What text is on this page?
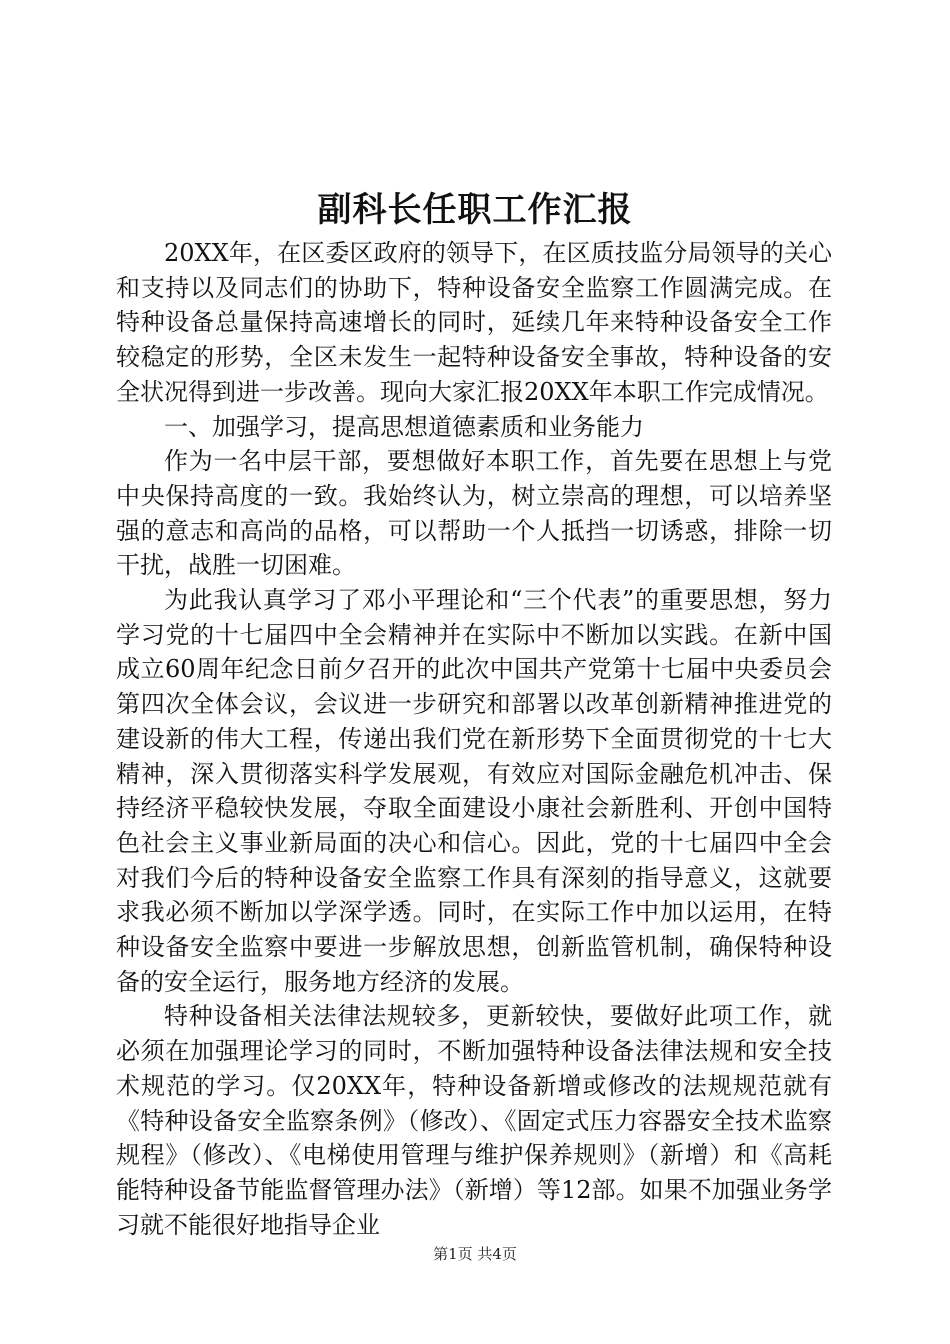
副科长任职工作汇报

20XX年，在区委区政府的领导下，在区质技监分局领导的关心和支持以及同志们的协助下，特种设备安全监察工作圆满完成。在特种设备总量保持高速增长的同时，延续几年来特种设备安全工作较稳定的形势，全区未发生一起特种设备安全事故，特种设备的安全状况得到进一步改善。现向大家汇报20XX年本职工作完成情况。

一、加强学习，提高思想道德素质和业务能力

作为一名中层干部，要想做好本职工作，首先要在思想上与党中央保持高度的一致。我始终认为，树立崇高的理想，可以培养坚强的意志和高尚的品格，可以帮助一个人抵挡一切诱惑，排除一切干扰，战胜一切困难。

为此我认真学习了邓小平理论和“三个代表”的重要思想，努力学习党的十七届四中全会精神并在实际中不断加以实践。在新中国成立60周年纪念日前夕召开的此次中国共产党第十七届中央委员会第四次全体会议，会议进一步研究和部署以改革创新精神推进党的建设新的伟大工程，传递出我们党在新形势下全面贯彻党的十七大精神，深入贯彻落实科学发展观，有效应对国际金融危机冲击、保持经济平稳较快发展，夺取全面建设小康社会新胜利、开创中国特色社会主义事业新局面的决心和信心。因此，党的十七届四中全会对我们今后的特种设备安全监察工作具有深刻的指导意义，这就要求我必须不断加以学深学透。同时，在实际工作中加以运用，在特种设备安全监察中要进一步解放思想，创新监管机制，确保特种设备的安全运行，服务地方经济的发展。

特种设备相关法律法规较多，更新较快，要做好此项工作，就必须在加强理论学习的同时，不断加强特种设备法律法规和安全技术规范的学习。仅20XX年，特种设备新增或修改的法规规范就有《特种设备安全监察条例》（修改）、《固定式压力容器安全技术监察规程》（修改）、《电梯使用管理与维护保养规则》（新增）和《高耗能特种设备节能监督管理办法》（新增）等12部。如果不加强业务学习就不能很好地指导企业

第1页 共4页
